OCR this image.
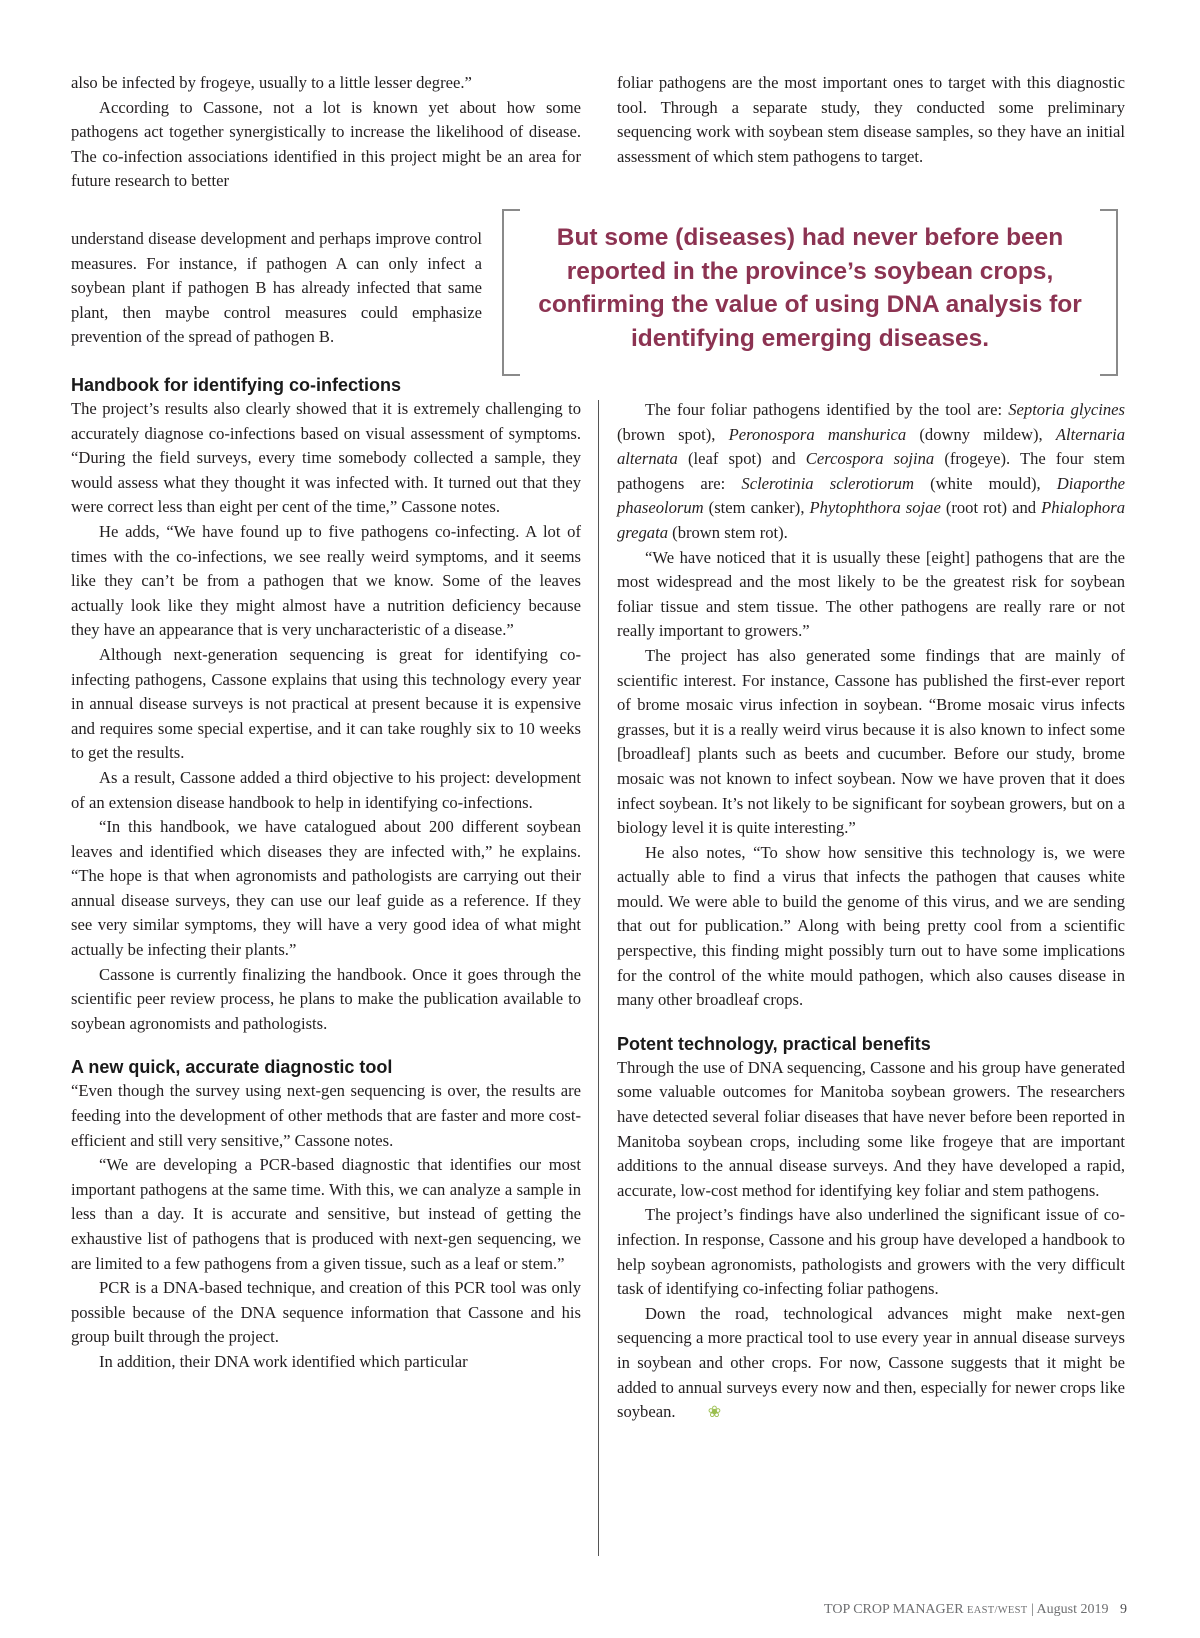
also be infected by frogeye, usually to a little lesser degree.”

According to Cassone, not a lot is known yet about how some pathogens act together synergistically to increase the likelihood of disease. The co-infection associations identified in this project might be an area for future research to better

understand disease development and perhaps improve control measures. For instance, if pathogen A can only infect a soybean plant if pathogen B has already infected that same plant, then maybe control measures could emphasize prevention of the spread of pathogen B.

foliar pathogens are the most important ones to target with this diagnostic tool. Through a separate study, they conducted some preliminary sequencing work with soybean stem disease samples, so they have an initial assessment of which stem pathogens to target.

But some (diseases) had never before been reported in the province’s soybean crops, confirming the value of using DNA analysis for identifying emerging diseases.
Handbook for identifying co-infections

The project’s results also clearly showed that it is extremely challenging to accurately diagnose co-infections based on visual assessment of symptoms. “During the field surveys, every time somebody collected a sample, they would assess what they thought it was infected with. It turned out that they were correct less than eight per cent of the time,” Cassone notes.

He adds, “We have found up to five pathogens co-infecting. A lot of times with the co-infections, we see really weird symptoms, and it seems like they can’t be from a pathogen that we know. Some of the leaves actually look like they might almost have a nutrition deficiency because they have an appearance that is very uncharacteristic of a disease.”

Although next-generation sequencing is great for identifying co-infecting pathogens, Cassone explains that using this technology every year in annual disease surveys is not practical at present because it is expensive and requires some special expertise, and it can take roughly six to 10 weeks to get the results.

As a result, Cassone added a third objective to his project: development of an extension disease handbook to help in identifying co-infections.

“In this handbook, we have catalogued about 200 different soybean leaves and identified which diseases they are infected with,” he explains. “The hope is that when agronomists and pathologists are carrying out their annual disease surveys, they can use our leaf guide as a reference. If they see very similar symptoms, they will have a very good idea of what might actually be infecting their plants.”

Cassone is currently finalizing the handbook. Once it goes through the scientific peer review process, he plans to make the publication available to soybean agronomists and pathologists.

A new quick, accurate diagnostic tool

“Even though the survey using next-gen sequencing is over, the results are feeding into the development of other methods that are faster and more cost-efficient and still very sensitive,” Cassone notes.

“We are developing a PCR-based diagnostic that identifies our most important pathogens at the same time. With this, we can analyze a sample in less than a day. It is accurate and sensitive, but instead of getting the exhaustive list of pathogens that is produced with next-gen sequencing, we are limited to a few pathogens from a given tissue, such as a leaf or stem.”

PCR is a DNA-based technique, and creation of this PCR tool was only possible because of the DNA sequence information that Cassone and his group built through the project.

In addition, their DNA work identified which particular

The four foliar pathogens identified by the tool are: Septoria glycines (brown spot), Peronospora manshurica (downy mildew), Alternaria alternata (leaf spot) and Cercospora sojina (frogeye). The four stem pathogens are: Sclerotinia sclerotiorum (white mould), Diaporthe phaseolorum (stem canker), Phytophthora sojae (root rot) and Phialophora gregata (brown stem rot).

“We have noticed that it is usually these [eight] pathogens that are the most widespread and the most likely to be the greatest risk for soybean foliar tissue and stem tissue. The other pathogens are really rare or not really important to growers.”

The project has also generated some findings that are mainly of scientific interest. For instance, Cassone has published the first-ever report of brome mosaic virus infection in soybean. “Brome mosaic virus infects grasses, but it is a really weird virus because it is also known to infect some [broadleaf] plants such as beets and cucumber. Before our study, brome mosaic was not known to infect soybean. Now we have proven that it does infect soybean. It’s not likely to be significant for soybean growers, but on a biology level it is quite interesting.”

He also notes, “To show how sensitive this technology is, we were actually able to find a virus that infects the pathogen that causes white mould. We were able to build the genome of this virus, and we are sending that out for publication.” Along with being pretty cool from a scientific perspective, this finding might possibly turn out to have some implications for the control of the white mould pathogen, which also causes disease in many other broadleaf crops.

Potent technology, practical benefits

Through the use of DNA sequencing, Cassone and his group have generated some valuable outcomes for Manitoba soybean growers. The researchers have detected several foliar diseases that have never before been reported in Manitoba soybean crops, including some like frogeye that are important additions to the annual disease surveys. And they have developed a rapid, accurate, low-cost method for identifying key foliar and stem pathogens.

The project’s findings have also underlined the significant issue of co-infection. In response, Cassone and his group have developed a handbook to help soybean agronomists, pathologists and growers with the very difficult task of identifying co-infecting foliar pathogens.

Down the road, technological advances might make next-gen sequencing a more practical tool to use every year in annual disease surveys in soybean and other crops. For now, Cassone suggests that it might be added to annual surveys every now and then, especially for newer crops like soybean. ❀

TOP CROP MANAGER EAST/WEST | August 2019 9
